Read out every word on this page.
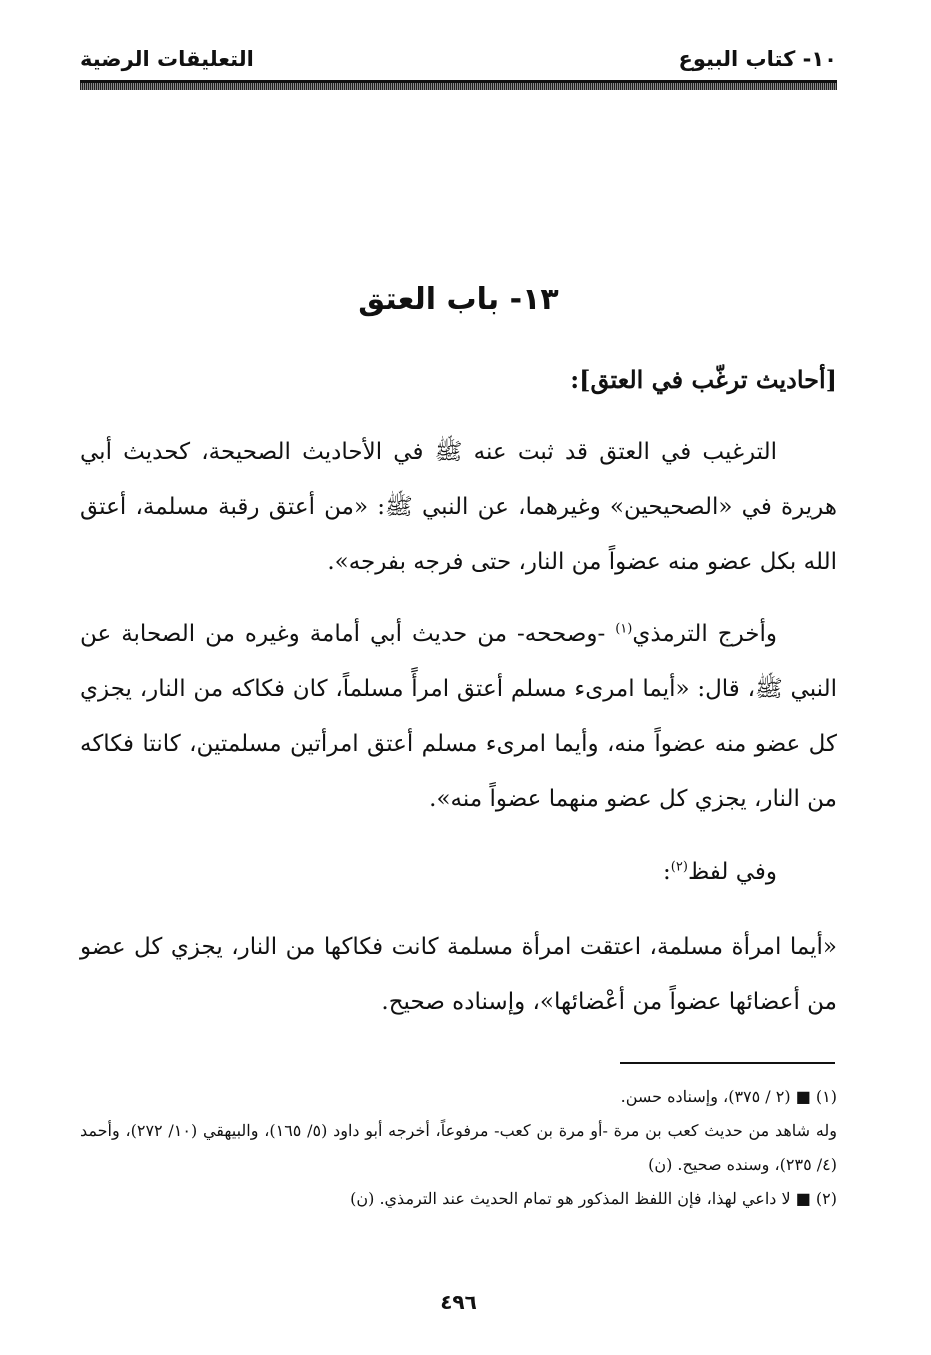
١٠- كتاب البيوع
التعليقات الرضية
١٣- باب العتق
[أحاديث ترغّب في العتق]:
الترغيب في العتق قد ثبت عنه ﷺ في الأحاديث الصحيحة، كحديث أبي هريرة في «الصحيحين» وغيرهما، عن النبي ﷺ: «من أعتق رقبة مسلمة، أعتق الله بكل عضو منه عضواً من النار، حتى فرجه بفرجه».
وأخرج الترمذي$^{(١)}$ -وصححه- من حديث أبي أمامة وغيره من الصحابة عن النبي ﷺ، قال: «أيما امرىء مسلم أعتق امرأً مسلماً، كان فكاكه من النار، يجزي كل عضو منه عضواً منه، وأيما امرىء مسلم أعتق امرأتين مسلمتين، كانتا فكاكه من النار، يجزي كل عضو منهما عضواً منه».
وفي لفظ$^{(٢)}$:
«أيما امرأة مسلمة، اعتقت امرأة مسلمة كانت فكاكها من النار، يجزي كل عضو من أعضائها عضواً من أعْضائها»، وإسناده صحيح.

(١) ■ (٢ / ٣٧٥)، وإسناده حسن.

وله شاهد من حديث كعب بن مرة -أو مرة بن كعب- مرفوعاً، أخرجه أبو داود (٥/ ١٦٥)، والبيهقي (١٠/ ٢٧٢)، وأحمد (٤/ ٢٣٥)، وسنده صحيح. (ن)

(٢) ■ لا داعي لهذا، فإن اللفظ المذكور هو تمام الحديث عند الترمذي. (ن)

٤٩٦
